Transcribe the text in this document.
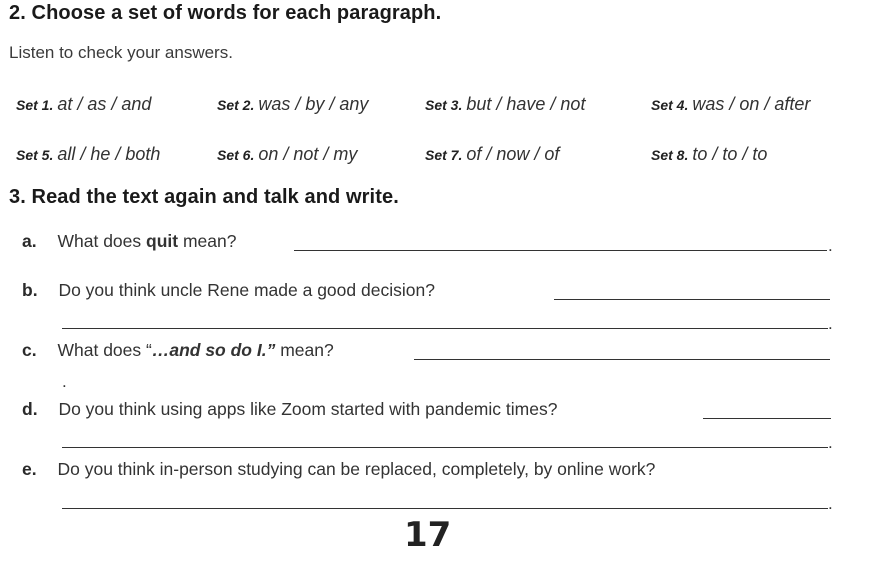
2. Choose a set of words for each paragraph.
Listen to check your answers.
Set 1. at / as / and	Set 2. was / by / any	Set 3. but / have / not	Set 4. was / on / after
Set 5. all / he / both	Set 6. on / not / my	Set 7. of / now / of	Set 8. to / to / to
3. Read the text again and talk and write.
a. What does quit mean?	.
b. Do you think uncle Rene made a good decision?
.
c. What does “…and so do I.” mean?
.
d. Do you think using apps like Zoom started with pandemic times?
.
e. Do you think in-person studying can be replaced, completely, by online work?
.
17
